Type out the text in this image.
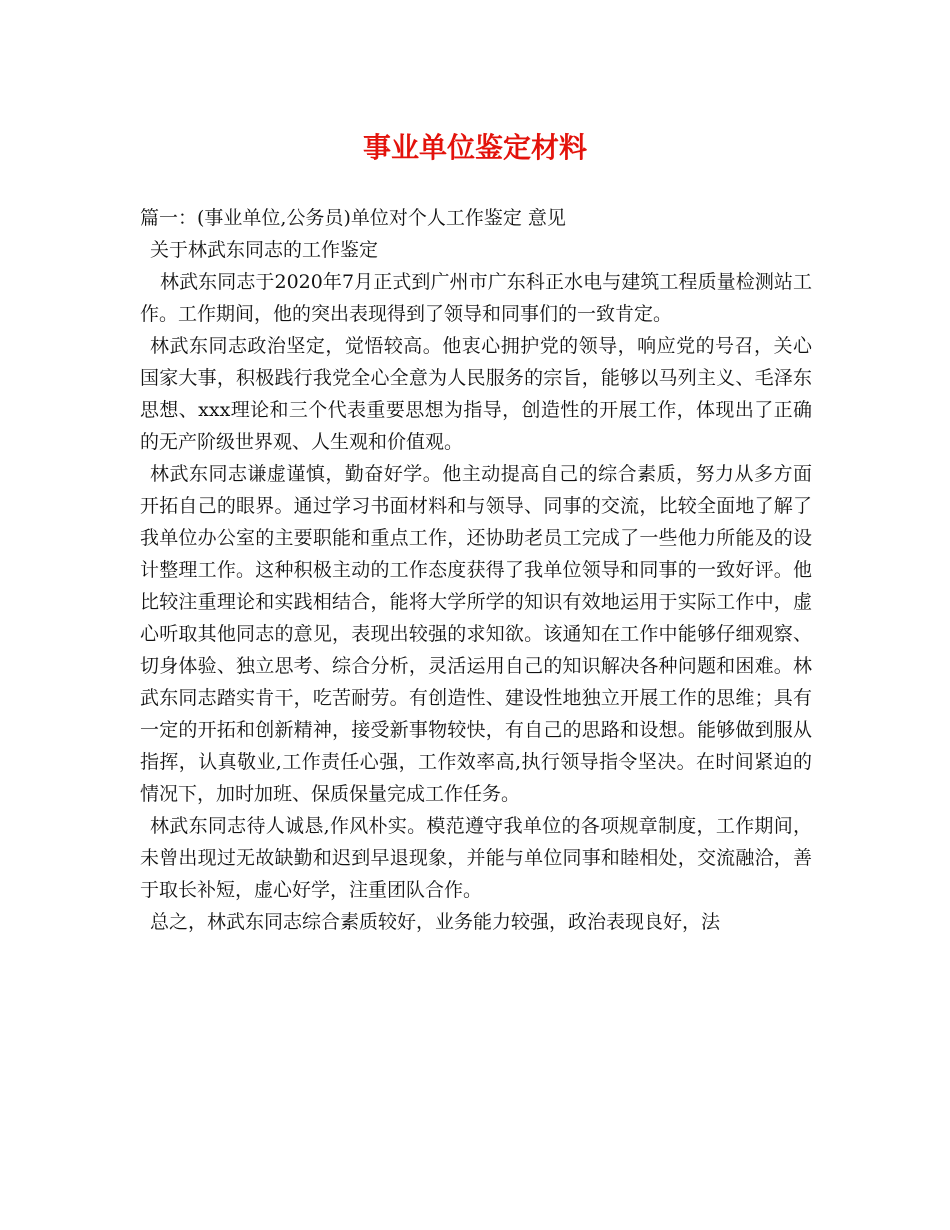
事业单位鉴定材料

篇一：(事业单位,公务员)单位对个人工作鉴定 意见

关于林武东同志的工作鉴定

林武东同志于2020年7月正式到广州市广东科正水电与建筑工程质量检测站工作。工作期间，他的突出表现得到了领导和同事们的一致肯定。

林武东同志政治坚定，觉悟较高。他衷心拥护党的领导，响应党的号召，关心国家大事，积极践行我党全心全意为人民服务的宗旨，能够以马列主义、毛泽东思想、xxx理论和三个代表重要思想为指导，创造性的开展工作，体现出了正确的无产阶级世界观、人生观和价值观。

林武东同志谦虚谨慎，勤奋好学。他主动提高自己的综合素质，努力从多方面开拓自己的眼界。通过学习书面材料和与领导、同事的交流，比较全面地了解了我单位办公室的主要职能和重点工作，还协助老员工完成了一些他力所能及的设计整理工作。这种积极主动的工作态度获得了我单位领导和同事的一致好评。他比较注重理论和实践相结合，能将大学所学的知识有效地运用于实际工作中，虚心听取其他同志的意见，表现出较强的求知欲。该通知在工作中能够仔细观察、切身体验、独立思考、综合分析，灵活运用自己的知识解决各种问题和困难。林武东同志踏实肯干，吃苦耐劳。有创造性、建设性地独立开展工作的思维；具有一定的开拓和创新精神，接受新事物较快，有自己的思路和设想。能够做到服从指挥，认真敬业,工作责任心强，工作效率高,执行领导指令坚决。在时间紧迫的情况下，加时加班、保质保量完成工作任务。

林武东同志待人诚恳,作风朴实。模范遵守我单位的各项规章制度，工作期间，未曾出现过无故缺勤和迟到早退现象，并能与单位同事和睦相处，交流融洽，善于取长补短，虚心好学，注重团队合作。

总之，林武东同志综合素质较好，业务能力较强，政治表现良好，法
